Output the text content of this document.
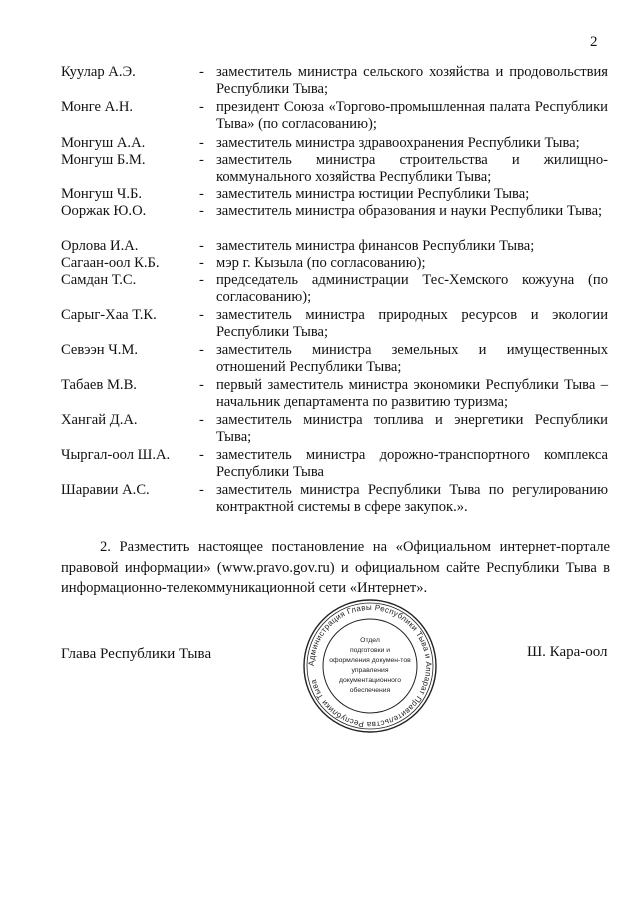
2
Куулар А.Э.	- заместитель министра сельского хозяйства и продовольствия Республики Тыва;
Монге А.Н.	- президент Союза «Торгово-промышленная палата Республики Тыва» (по согласованию);
Монгуш А.А.	- заместитель министра здравоохранения Республики Тыва;
Монгуш Б.М.	- заместитель министра строительства и жилищно-коммунального хозяйства Республики Тыва;
Монгуш Ч.Б.	- заместитель министра юстиции Республики Тыва;
Ооржак Ю.О.	- заместитель министра образования и науки Республики Тыва;
Орлова И.А.	- заместитель министра финансов Республики Тыва;
Сагаан-оол К.Б.	- мэр г. Кызыла (по согласованию);
Самдан Т.С.	- председатель администрации Тес-Хемского кожууна (по согласованию);
Сарыг-Хаа Т.К.	- заместитель министра природных ресурсов и экологии Республики Тыва;
Севээн Ч.М.	- заместитель министра земельных и имущественных отношений Республики Тыва;
Табаев М.В.	- первый заместитель министра экономики Республики Тыва – начальник департамента по развитию туризма;
Хангай Д.А.	- заместитель министра топлива и энергетики Республики Тыва;
Чыргал-оол Ш.А. - заместитель министра дорожно-транспортного комплекса Республики Тыва
Шаравии А.С.	- заместитель министра Республики Тыва по регулированию контрактной системы в сфере закупок.».
2. Разместить настоящее постановление на «Официальном интернет-портале правовой информации» (www.pravo.gov.ru) и официальном сайте Республики Тыва в информационно-телекоммуникационной сети «Интернет».
Глава Республики Тывa	Ш. Кара-оол
Администрация Главы Республики Тыва и Аппарат Правительства Республики Тыва
Отдел
подготовки и
оформления докумен-тов
управления
документационного
обеспечения
